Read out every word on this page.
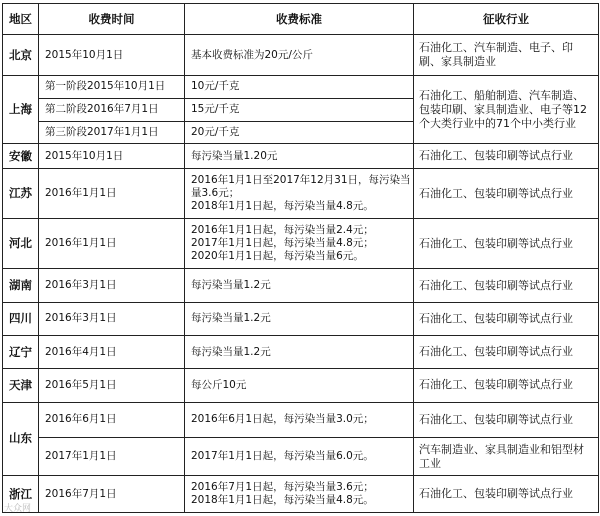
地区	收费时间	收费标准	征收行业
北京	2015年10月1日	基本收费标准为20元/公斤	石油化工、汽车制造、电子、印刷、家具制造业
上海	第一阶段2015年10月1日	10元/千克	石油化工、船舶制造、汽车制造、包装印刷、家具制造业、电子等12个大类行业中的71个中小类行业
	第二阶段2016年7月1日	15元/千克	
	第三阶段2017年1月1日	20元/千克	
安徽	2015年10月1日	每污染当量1.20元	石油化工、包装印刷等试点行业
江苏	2016年1月1日	2016年1月1日至2017年12月31日，每污染当量3.6元；
2018年1月1日起，每污染当量4.8元。	石油化工、包装印刷等试点行业
河北	2016年1月1日	2016年1月1日起，每污染当量2.4元；
2017年1月1日起，每污染当量4.8元；
2020年1月1日起，每污染当量6元。	石油化工、包装印刷等试点行业
湖南	2016年3月1日	每污染当量1.2元	石油化工、包装印刷等试点行业
四川	2016年3月1日	每污染当量1.2元	石油化工、包装印刷等试点行业
辽宁	2016年4月1日	每污染当量1.2元	石油化工、包装印刷等试点行业
天津	2016年5月1日	每公斤10元	石油化工、包装印刷等试点行业
山东	2016年6月1日	2016年6月1日起，每污染当量3.0元；	石油化工、包装印刷等试点行业
	2017年1月1日	2017年1月1日起，每污染当量6.0元。	汽车制造业、家具制造业和铝型材工业
浙江	2016年7月1日	2016年7月1日起，每污染当量3.6元；
2018年1月1日起，每污染当量4.8元。	石油化工、包装印刷等试点行业
大众网
